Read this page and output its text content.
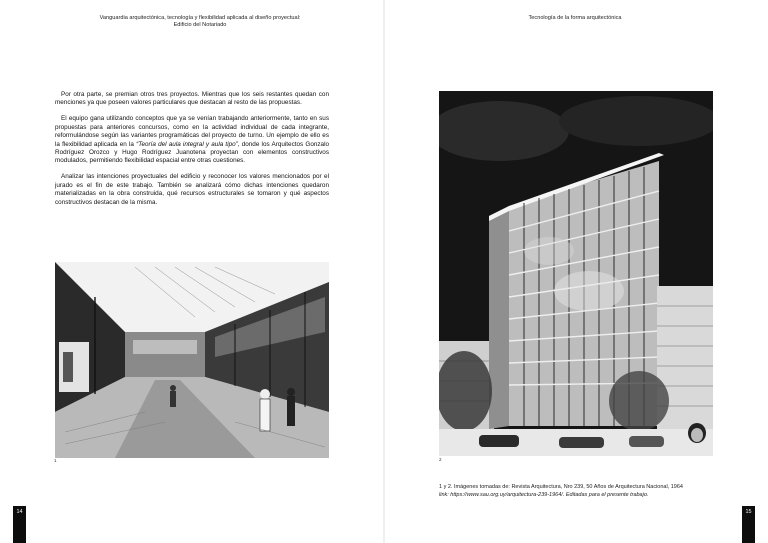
Vanguardia arquitectónica, tecnología y flexibilidad aplicada al diseño proyectual:
Edificio del Notariado

Por otra parte, se premian otros tres proyectos. Mientras que los seis restantes quedan con menciones ya que poseen valores particulares que destacan al resto de las propuestas.

El equipo gana utilizando conceptos que ya se venían trabajando anteriormente, tanto en sus propuestas para anteriores concursos, como en la actividad individual de cada integrante, reformulándose según las variantes programáticas del proyecto de turno. Un ejemplo de ello es la flexibilidad aplicada en la “Teoría del aula integral y aula tipo”, donde los Arquitectos Gonzalo Rodríguez Orozco y Hugo Rodríguez Juanotena proyectan con elementos constructivos modulados, permitiendo flexibilidad espacial entre otras cuestiones.

Analizar las intenciones proyectuales del edificio y reconocer los valores mencionados por el jurado es el fin de este trabajo. También se analizará cómo dichas intenciones quedaron materializadas en la obra construida, qué recursos estructurales se tomaron y qué aspectos constructivos destacan de la misma.

1
14
Tecnología de la forma arquitectónica
2
1 y 2. Imágenes tomadas de: Revista Arquitectura, Nro 239, 50 Años de Arquitectura Nacional, 1964
link: https://www.sau.org.uy/arquitectura-239-1964/. Editadas para el presente trabajo.
15
